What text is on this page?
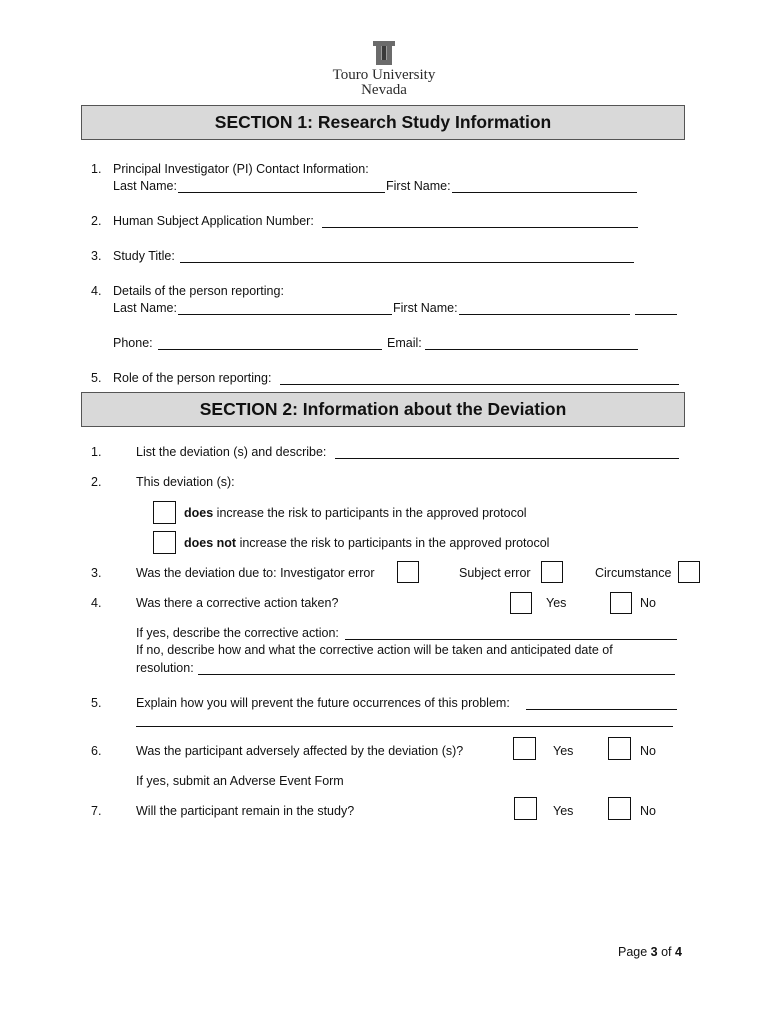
Touro University
Nevada
SECTION 1: Research Study Information
1. Principal Investigator (PI) Contact Information:
Last Name:	First Name:
2. Human Subject Application Number:
3. Study Title:
4. Details of the person reporting:
Last Name:	First Name:
Phone:	Email:
5. Role of the person reporting:
SECTION 2: Information about the Deviation
1.	List the deviation (s) and describe:
2.	This deviation (s):
does increase the risk to participants in the approved protocol
does not increase the risk to participants in the approved protocol
3.	Was the deviation due to: Investigator error	Subject error	Circumstance
4.	Was there a corrective action taken?	Yes	No
If yes, describe the corrective action:
If no, describe how and what the corrective action will be taken and anticipated date of
resolution:
5.	Explain how you will prevent the future occurrences of this problem:
6.	Was the participant adversely affected by the deviation (s)?	Yes	No
If yes, submit an Adverse Event Form
7.	Will the participant remain in the study?	Yes	No
Page 3 of 4
